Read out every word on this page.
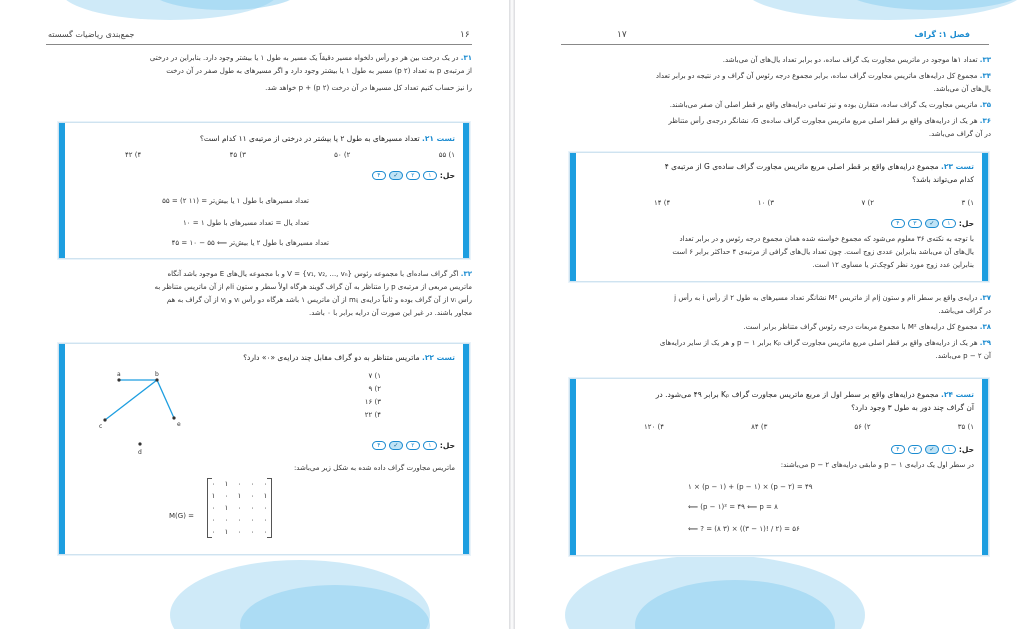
جمع‌بندی ریاضیات گسسته	۱۶
۳۱. در یک درخت بین هر دو رأس دلخواه مسیر دقیقاً یک مسیر به طول ۱ یا بیشتر وجود دارد. بنابراین در درختی
از مرتبه‌ی p به تعداد (p ۲) مسیر به طول ۱ یا بیشتر وجود دارد و اگر مسیرهای به طول صفر در آن درخت
را نیز حساب کنیم تعداد کل مسیرها در آن درخت p + (p ۲) خواهد شد.
تست ۲۱. تعداد مسیرهای به طول ۲ یا بیشتر در درختی از مرتبه‌ی ۱۱ کدام است؟
۱) ۵۵
۲) ۵۰
۳) ۴۵
۴) ۴۲
حل:
۱
۲
✓
۴
تعداد مسیرهای با طول ۱ یا بیش‌تر = (۱۱ ۲) = ۵۵
تعداد یال = تعداد مسیرهای با طول ۱ = ۱۰
تعداد مسیرهای با طول ۲ یا بیش‌تر ⟸ ۵۵ − ۱۰ = ۴۵
۳۲. اگر گراف ساده‌ای با مجموعه رئوس V = {v₁, v₂, ..., vₙ} و با مجموعه یال‌های E موجود باشد آنگاه
ماتریس مربعی از مرتبه‌ی p را متناظر به آن گراف گویند هرگاه اولاً سطر و ستون i‌ام از آن ماتریس متناظر به
رأس vᵢ از آن گراف بوده و ثانیاً درایه‌ی mᵢⱼ از آن ماتریس ۱ باشد هرگاه دو رأس vᵢ و vⱼ از آن گراف به هم
مجاور باشند. در غیر این صورت آن درایه برابر با ۰ باشد.
تست ۲۲. ماتریس متناظر به دو گراف مقابل چند درایه‌ی «۰» دارد؟
۱) ۷
۲) ۹
۳) ۱۶
۴) ۲۲
a	b
c	e
d
حل:
۱
۲
✓
۴
ماتریس مجاورت گراف داده شده به شکل زیر می‌باشد:
M(G) =
۰	۱	۰	۰	۰
۱	۰	۱	۰	۱
۰	۱	۰	۰	۰
۰	۰	۰	۰	۰
۰	۱	۰	۰	۰
۱۷	فصل ۱: گراف
۳۳. تعداد ۱ها موجود در ماتریس مجاورت یک گراف ساده، دو برابر تعداد یال‌های آن می‌باشد.
۳۴. مجموع کل درایه‌های ماتریس مجاورت گراف ساده، برابر مجموع درجه رئوس آن گراف و در نتیجه دو برابر تعداد
یال‌های آن می‌باشد.
۳۵. ماتریس مجاورت یک گراف ساده، متقارن بوده و نیز تمامی درایه‌های واقع بر قطر اصلی آن صفر می‌باشند.
۳۶. هر یک از درایه‌های واقع بر قطر اصلی مربع ماتریس مجاورت گراف ساده‌ی G، نشانگر درجه‌ی رأس متناظر
در آن گراف می‌باشد.
تست ۲۳. مجموع درایه‌های واقع بر قطر اصلی مربع ماتریس مجاورت گراف ساده‌ی G از مرتبه‌ی ۴
کدام می‌تواند باشد؟
۱) ۳
۲) ۷
۳) ۱۰
۴) ۱۴
حل:
۱
✓
۳
۴
با توجه به نکته‌ی ۳۶ معلوم می‌شود که مجموع خواسته شده همان مجموع درجه رئوس و در برابر تعداد
یال‌های آن می‌باشد بنابراین عددی زوج است. چون تعداد یال‌های گرافی از مرتبه‌ی ۴ حداکثر برابر ۶ است
بنابراین عدد زوج مورد نظر کوچک‌تر یا مساوی ۱۲ است.
۳۷. درایه‌ی واقع بر سطر i‌ام و ستون j‌ام از ماتریس M² نشانگر تعداد مسیرهای به طول ۲ از رأس i به رأس j
در گراف می‌باشد.
۳۸. مجموع کل درایه‌های M² با مجموع مربعات درجه رئوس گراف متناظر برابر است.
۳۹. هر یک از درایه‌های واقع بر قطر اصلی مربع ماتریس مجاورت گراف Kₚ برابر p − ۱ و هر یک از سایر درایه‌های
آن p − ۲ می‌باشد.
تست ۲۴. مجموع درایه‌های واقع بر سطر اول از مربع ماتریس مجاورت گراف Kₚ برابر ۴۹ می‌شود. در
آن گراف چند دور به طول ۳ وجود دارد؟
۱) ۳۵
۲) ۵۶
۳) ۸۴
۴) ۱۲۰
حل:
۱
✓
۳
۴
در سطر اول یک درایه‌ی p − ۱ و مابقی درایه‌های p − ۲ می‌باشند:
۱ × (p − ۱) + (p − ۱) × (p − ۲) = ۴۹
⟸ (p − ۱)² = ۴۹ ⟸ p = ۸
⟸ ? = (۸ ۳) × ((۳ − ۱)! / ۲) = ۵۶
